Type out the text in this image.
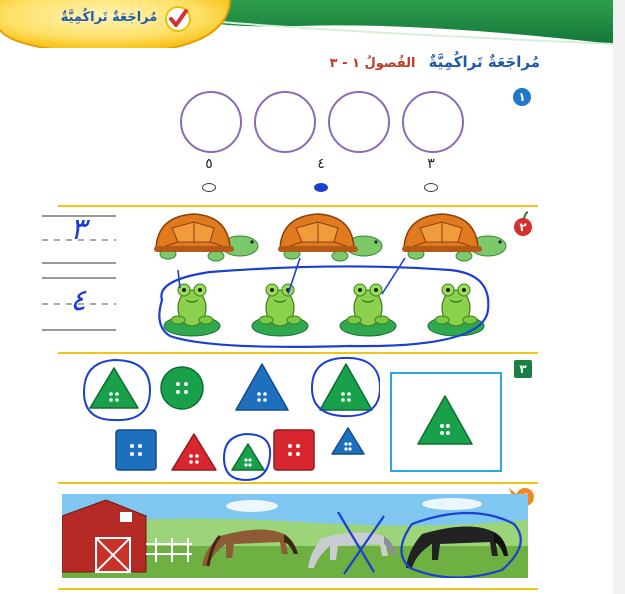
مُراجَعَةٌ تَراكُمِيَّةٌ
مُراجَعَةٌ تَراكُمِيَّةٌ الفُصولُ ١ - ٣
١
٣
٤
٥
٢
٣
٤
٣
